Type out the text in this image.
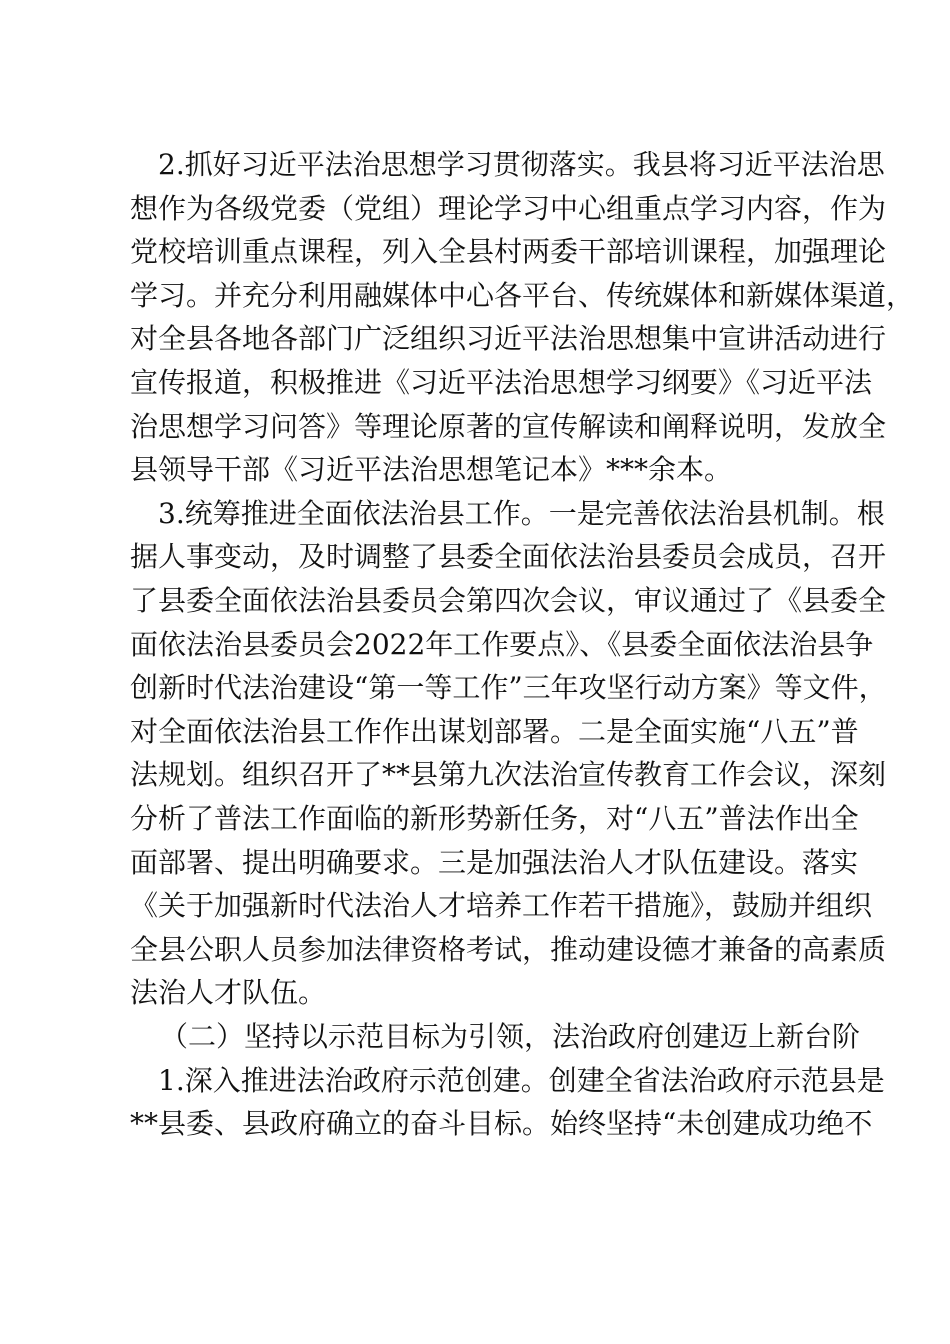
2.抓好习近平法治思想学习贯彻落实。我县将习近平法治思
想作为各级党委（党组）理论学习中心组重点学习内容，作为
党校培训重点课程，列入全县村两委干部培训课程，加强理论
学习。并充分利用融媒体中心各平台、传统媒体和新媒体渠道，
对全县各地各部门广泛组织习近平法治思想集中宣讲活动进行
宣传报道，积极推进《习近平法治思想学习纲要》《习近平法
治思想学习问答》等理论原著的宣传解读和阐释说明，发放全
县领导干部《习近平法治思想笔记本》***余本。
3.统筹推进全面依法治县工作。一是完善依法治县机制。根
据人事变动，及时调整了县委全面依法治县委员会成员，召开
了县委全面依法治县委员会第四次会议，审议通过了《县委全
面依法治县委员会2022年工作要点》、《县委全面依法治县争
创新时代法治建设“第一等工作”三年攻坚行动方案》等文件，
对全面依法治县工作作出谋划部署。二是全面实施“八五”普
法规划。组织召开了**县第九次法治宣传教育工作会议，深刻
分析了普法工作面临的新形势新任务，对“八五”普法作出全
面部署、提出明确要求。三是加强法治人才队伍建设。落实
《关于加强新时代法治人才培养工作若干措施》，鼓励并组织
全县公职人员参加法律资格考试，推动建设德才兼备的高素质
法治人才队伍。
（二）坚持以示范目标为引领，法治政府创建迈上新台阶
1.深入推进法治政府示范创建。创建全省法治政府示范县是
**县委、县政府确立的奋斗目标。始终坚持“未创建成功绝不
